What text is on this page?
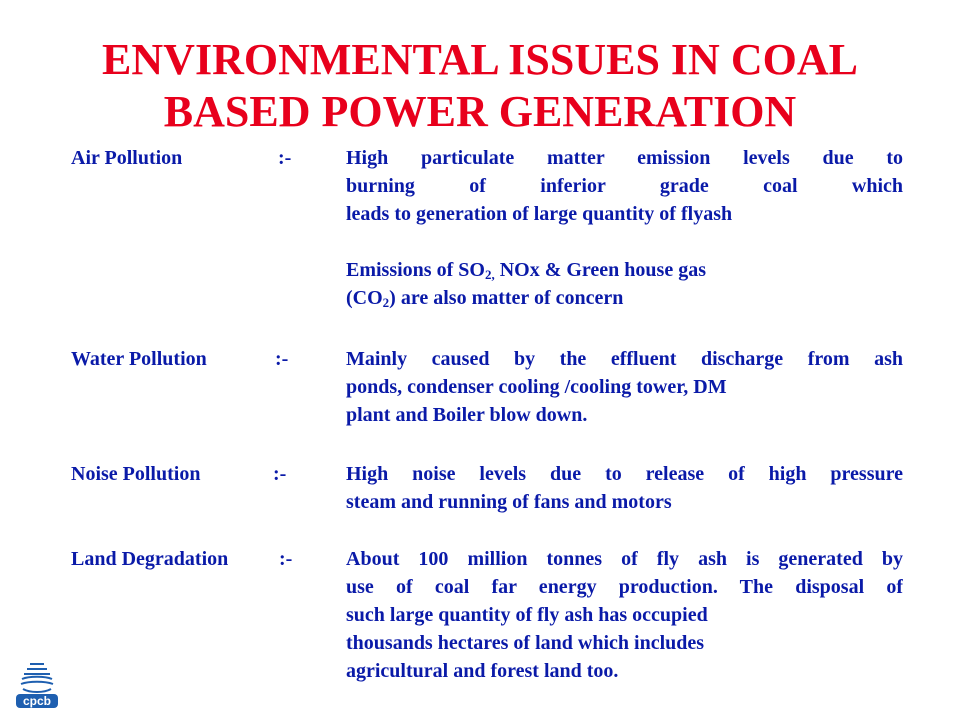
ENVIRONMENTAL ISSUES IN COAL
BASED POWER GENERATION
Air Pollution	:-	High particulate matter emission levels due to
burning of inferior grade coal which
leads to generation of large quantity of flyash
Emissions of $SO_{2,}$ NOx & Green house gas
$(CO_2)$ are also matter of concern
Water Pollution	:-	Mainly caused by the effluent discharge from ash
ponds, condenser cooling /cooling tower, DM
plant and Boiler blow down.
Noise Pollution	:-	High noise levels due to release of high pressure
steam and running of fans and motors
Land Degradation	:-	About 100 million tonnes of fly ash is generated by
use of coal far energy production. The disposal of
such large quantity of fly ash has occupied
thousands hectares of land which includes
agricultural and forest land too.
cpcb
